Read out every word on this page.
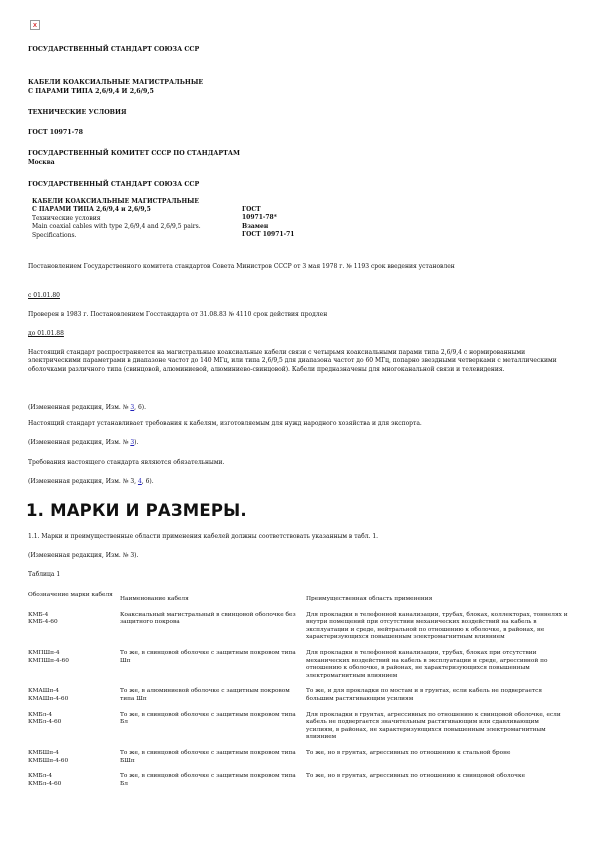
x
ГОСУДАРСТВЕННЫЙ СТАНДАРТ СОЮЗА ССР
КАБЕЛИ КОАКСИАЛЬНЫЕ МАГИСТРАЛЬНЫЕ
С ПАРАМИ ТИПА 2,6/9,4 И 2,6/9,5
ТЕХНИЧЕСКИЕ УСЛОВИЯ
ГОСТ 10971-78
ГОСУДАРСТВЕННЫЙ КОМИТЕТ СССР ПО СТАНДАРТАМ
Москва
ГОСУДАРСТВЕННЫЙ СТАНДАРТ СОЮЗА ССР
КАБЕЛИ КОАКСИАЛЬНЫЕ МАГИСТРАЛЬНЫЕ
С ПАРАМИ ТИПА 2,6/9,4 и 2,6/9,5
Технические условия
Main coaxial cables with type 2,6/9,4 and 2,6/9,5 pairs.
Specifications.
ГОСТ
10971-78*
Взамен
ГОСТ 10971-71
Постановлением Государственного комитета стандартов Совета Министров СССР от 3 мая 1978 г. № 1193 срок введения установлен
с 01.01.80
Проверен в 1983 г. Постановлением Госстандарта от 31.08.83 № 4110 срок действия продлен
до 01.01.88
Настоящий стандарт распространяется на магистральные коаксиальные кабели связи с четырьмя коаксиальными парами типа 2,6/9,4 с нормированными электрическими параметрами в диапазоне частот до 140 МГц, или типа 2,6/9,5 для диапазона частот до 60 МГц, попарно звездными четверками с металлическими оболочками различного типа (свинцовой, алюминиевой, алюминиево-свинцовой). Кабели предназначены для многоканальной связи и телевидения.
(Измененная редакция, Изм. № 3, 6).
Настоящий стандарт устанавливает требования к кабелям, изготовляемым для нужд народного хозяйства и для экспорта.
(Измененная редакция, Изм. № 3).
Требования настоящего стандарта являются обязательными.
(Измененная редакция, Изм. № 3, 4, 6).
1. МАРКИ И РАЗМЕРЫ.
1.1. Марки и преимущественные области применения кабелей должны соответствовать указанным в табл. 1.
(Измененная редакция, Изм. № 3).
Таблица 1
Обозначение марки кабеля	Наименование кабеля	Преимущественная область применения

КМБ-4
КМБ-4-60	Коаксиальный магистральный в свинцовой оболочке без защитного покрова	Для прокладки в телефонной канализации, трубах, блоках, коллекторах, тоннелях и внутри помещений при отсутствии механических воздействий на кабель в эксплуатации и среде, нейтральной по отношению к оболочке, в районах, не характеризующихся повышенным электромагнитным влиянием

КМПШп-4
КМПШп-4-60	То же, в свинцовой оболочке с защитным покровом типа Шп	Для прокладки в телефонной канализации, трубах, блоках при отсутствии механических воздействий на кабель в эксплуатации и среде, агрессивной по отношению к оболочке, в районах, не характеризующихся повышенным электромагнитным влиянием

КМАШп-4
КМАШп-4-60	То же, в алюминиевой оболочке с защитным покровом типа Шп	То же, и для прокладки по мостам и в грунтах, если кабель не подвергается большим растягивающим усилиям

КМБл-4
КМБл-4-60	То же, в свинцовой оболочке с защитным покровом типа Бл	Для прокладки в грунтах, агрессивных по отношению к свинцовой оболочке, если кабель не подвергается значительным растягивающим или сдавливающим усилиям, в районах, не характеризующихся повышенным электромагнитным влиянием

КМБШп-4
КМБШп-4-60	То же, в свинцовой оболочке с защитным покровом типа БШп	То же, но в грунтах, агрессивных по отношению к стальной броне

КМБл-4
КМБл-4-60	То же, в свинцовой оболочке с защитным покровом типа Бл	То же, но в грунтах, агрессивных по отношению к свинцовой оболочке
